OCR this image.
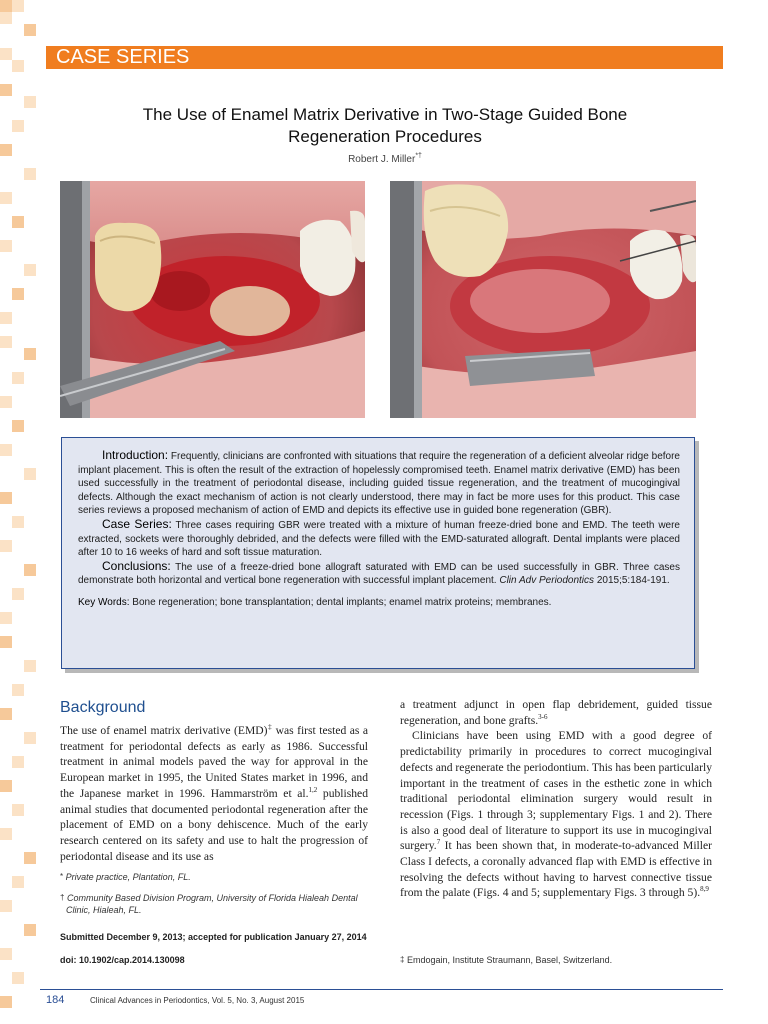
CASE SERIES
The Use of Enamel Matrix Derivative in Two-Stage Guided Bone
Regeneration Procedures
Robert J. Miller*†

Introduction: Frequently, clinicians are confronted with situations that require the regeneration of a deficient alveolar ridge before implant placement. This is often the result of the extraction of hopelessly compromised teeth. Enamel matrix derivative (EMD) has been used successfully in the treatment of periodontal disease, including guided tissue regeneration, and the treatment of mucogingival defects. Although the exact mechanism of action is not clearly understood, there may in fact be more uses for this product. This case series reviews a proposed mechanism of action of EMD and depicts its effective use in guided bone regeneration (GBR).

Case Series: Three cases requiring GBR were treated with a mixture of human freeze-dried bone and EMD. The teeth were extracted, sockets were thoroughly debrided, and the defects were filled with the EMD-saturated allograft. Dental implants were placed after 10 to 16 weeks of hard and soft tissue maturation.

Conclusions: The use of a freeze-dried bone allograft saturated with EMD can be used successfully in GBR. Three cases demonstrate both horizontal and vertical bone regeneration with successful implant placement. Clin Adv Periodontics 2015;5:184-191.

Key Words: Bone regeneration; bone transplantation; dental implants; enamel matrix proteins; membranes.

Background

The use of enamel matrix derivative (EMD)‡ was first tested as a treatment for periodontal defects as early as 1986. Successful treatment in animal models paved the way for approval in the European market in 1995, the United States market in 1996, and the Japanese market in 1996. Hammarström et al.$^{1,2}$ published animal studies that documented periodontal regeneration after the placement of EMD on a bony dehiscence. Much of the early research centered on its safety and use to halt the progression of periodontal disease and its use as

a treatment adjunct in open flap debridement, guided tissue regeneration, and bone grafts.$^{3-6}$

Clinicians have been using EMD with a good degree of predictability primarily in procedures to correct mucogingival defects and regenerate the periodontium. This has been particularly important in the treatment of cases in the esthetic zone in which traditional periodontal elimination surgery would result in recession (Figs. 1 through 3; supplementary Figs. 1 and 2). There is also a good deal of literature to support its use in mucogingival surgery.$^7$ It has been shown that, in moderate-to-advanced Miller Class I defects, a coronally advanced flap with EMD is effective in resolving the defects without having to harvest connective tissue from the palate (Figs. 4 and 5; supplementary Figs. 3 through 5).$^{8,9}$

* Private practice, Plantation, FL.
† Community Based Division Program, University of Florida Hialeah Dental
Clinic, Hialeah, FL.
Submitted December 9, 2013; accepted for publication January 27, 2014
doi: 10.1902/cap.2014.130098	‡ Emdogain, Institute Straumann, Basel, Switzerland.
184	Clinical Advances in Periodontics, Vol. 5, No. 3, August 2015
